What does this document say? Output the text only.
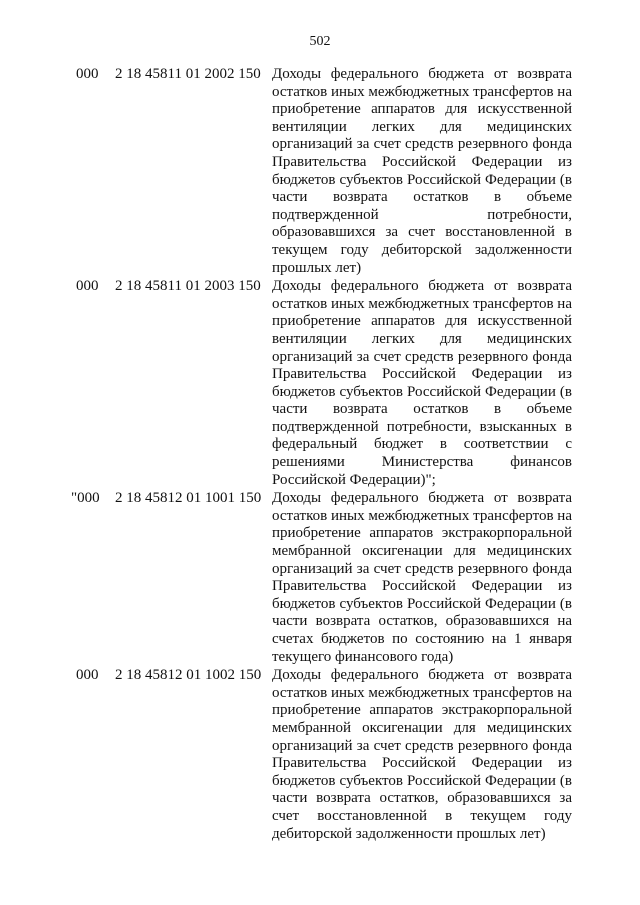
502
000	2 18 45811 01 2002 150 Доходы федерального бюджета от возврата
остатков иных межбюджетных трансфертов на
приобретение аппаратов для искусственной
вентиляции легких для медицинских
организаций за счет средств резервного фонда
Правительства Российской Федерации из
бюджетов субъектов Российской Федерации (в
части возврата остатков в объеме
подтвержденной потребности,
образовавшихся за счет восстановленной в
текущем году дебиторской задолженности
прошлых лет)
000	2 18 45811 01 2003 150 Доходы федерального бюджета от возврата
остатков иных межбюджетных трансфертов на
приобретение аппаратов для искусственной
вентиляции легких для медицинских
организаций за счет средств резервного фонда
Правительства Российской Федерации из
бюджетов субъектов Российской Федерации (в
части возврата остатков в объеме
подтвержденной потребности, взысканных в
федеральный бюджет в соответствии с
решениями Министерства финансов
Российской Федерации)";
"000	2 18 45812 01 1001 150 Доходы федерального бюджета от возврата
остатков иных межбюджетных трансфертов на
приобретение аппаратов экстракорпоральной
мембранной оксигенации для медицинских
организаций за счет средств резервного фонда
Правительства Российской Федерации из
бюджетов субъектов Российской Федерации (в
части возврата остатков, образовавшихся на
счетах бюджетов по состоянию на 1 января
текущего финансового года)
000	2 18 45812 01 1002 150 Доходы федерального бюджета от возврата
остатков иных межбюджетных трансфертов на
приобретение аппаратов экстракорпоральной
мембранной оксигенации для медицинских
организаций за счет средств резервного фонда
Правительства Российской Федерации из
бюджетов субъектов Российской Федерации (в
части возврата остатков, образовавшихся за
счет восстановленной в текущем году
дебиторской задолженности прошлых лет)
